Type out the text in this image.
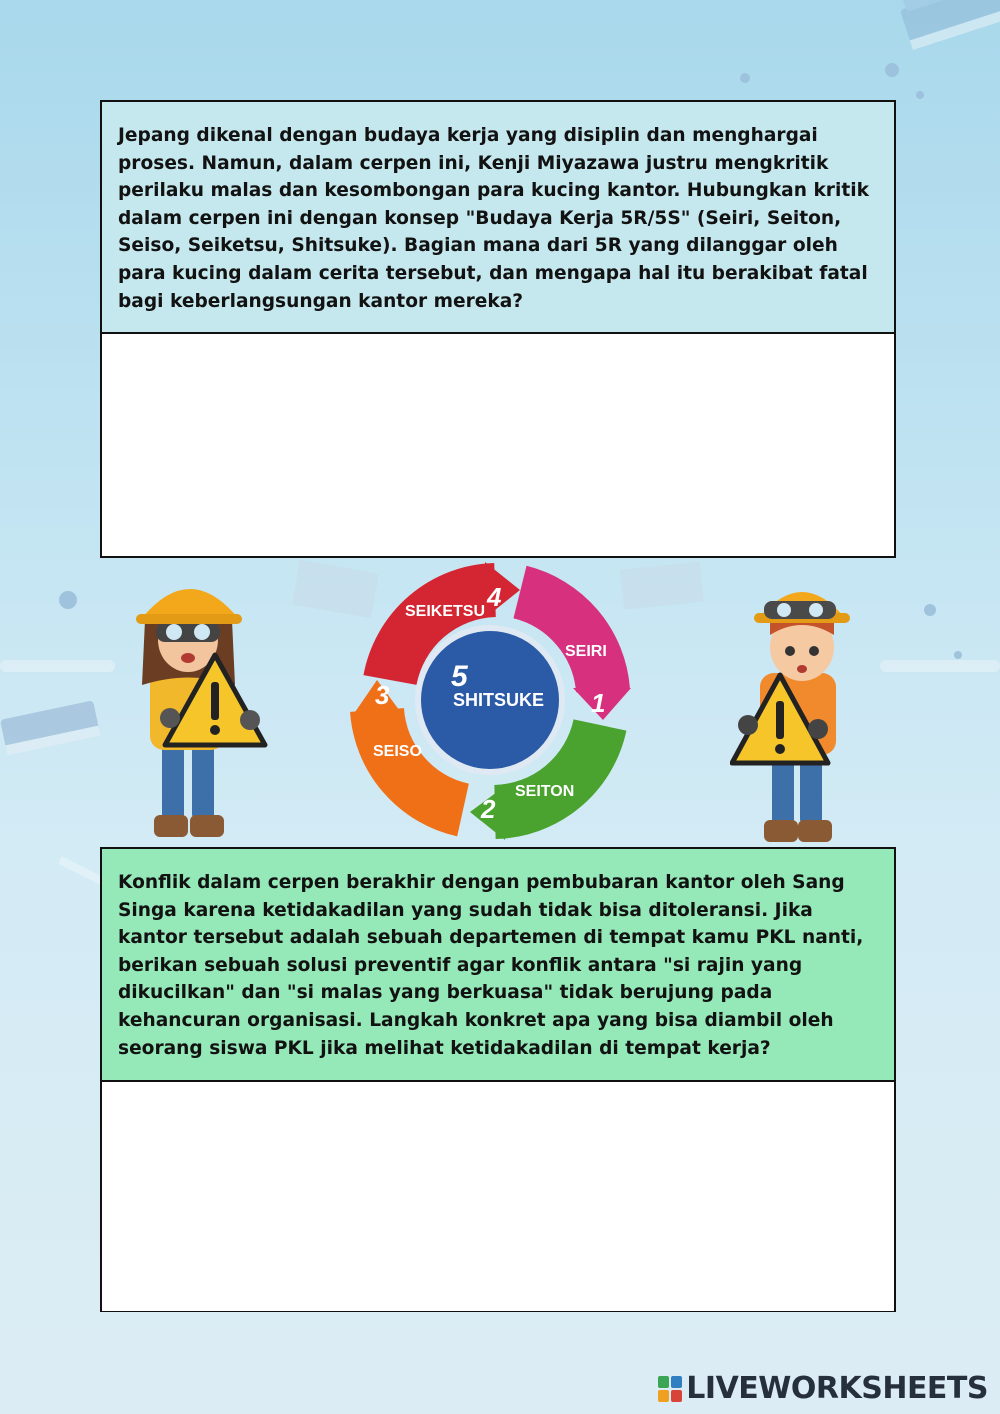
Jepang dikenal dengan budaya kerja yang disiplin dan menghargai proses. Namun, dalam cerpen ini, Kenji Miyazawa justru mengkritik perilaku malas dan kesombongan para kucing kantor. Hubungkan kritik dalam cerpen ini dengan konsep "Budaya Kerja 5R/5S" (Seiri, Seiton, Seiso, Seiketsu, Shitsuke). Bagian mana dari 5R yang dilanggar oleh para kucing dalam cerita tersebut, dan mengapa hal itu berakibat fatal bagi keberlangsungan kantor mereka?
5
SHITSUKE
SEIKETSU 4
SEIRI
1
SEITON
2
SEISO
3
Konflik dalam cerpen berakhir dengan pembubaran kantor oleh Sang Singa karena ketidakadilan yang sudah tidak bisa ditoleransi. Jika kantor tersebut adalah sebuah departemen di tempat kamu PKL nanti, berikan sebuah solusi preventif agar konflik antara "si rajin yang dikucilkan" dan "si malas yang berkuasa" tidak berujung pada kehancuran organisasi. Langkah konkret apa yang bisa diambil oleh seorang siswa PKL jika melihat ketidakadilan di tempat kerja?
LIVEWORKSHEETS
